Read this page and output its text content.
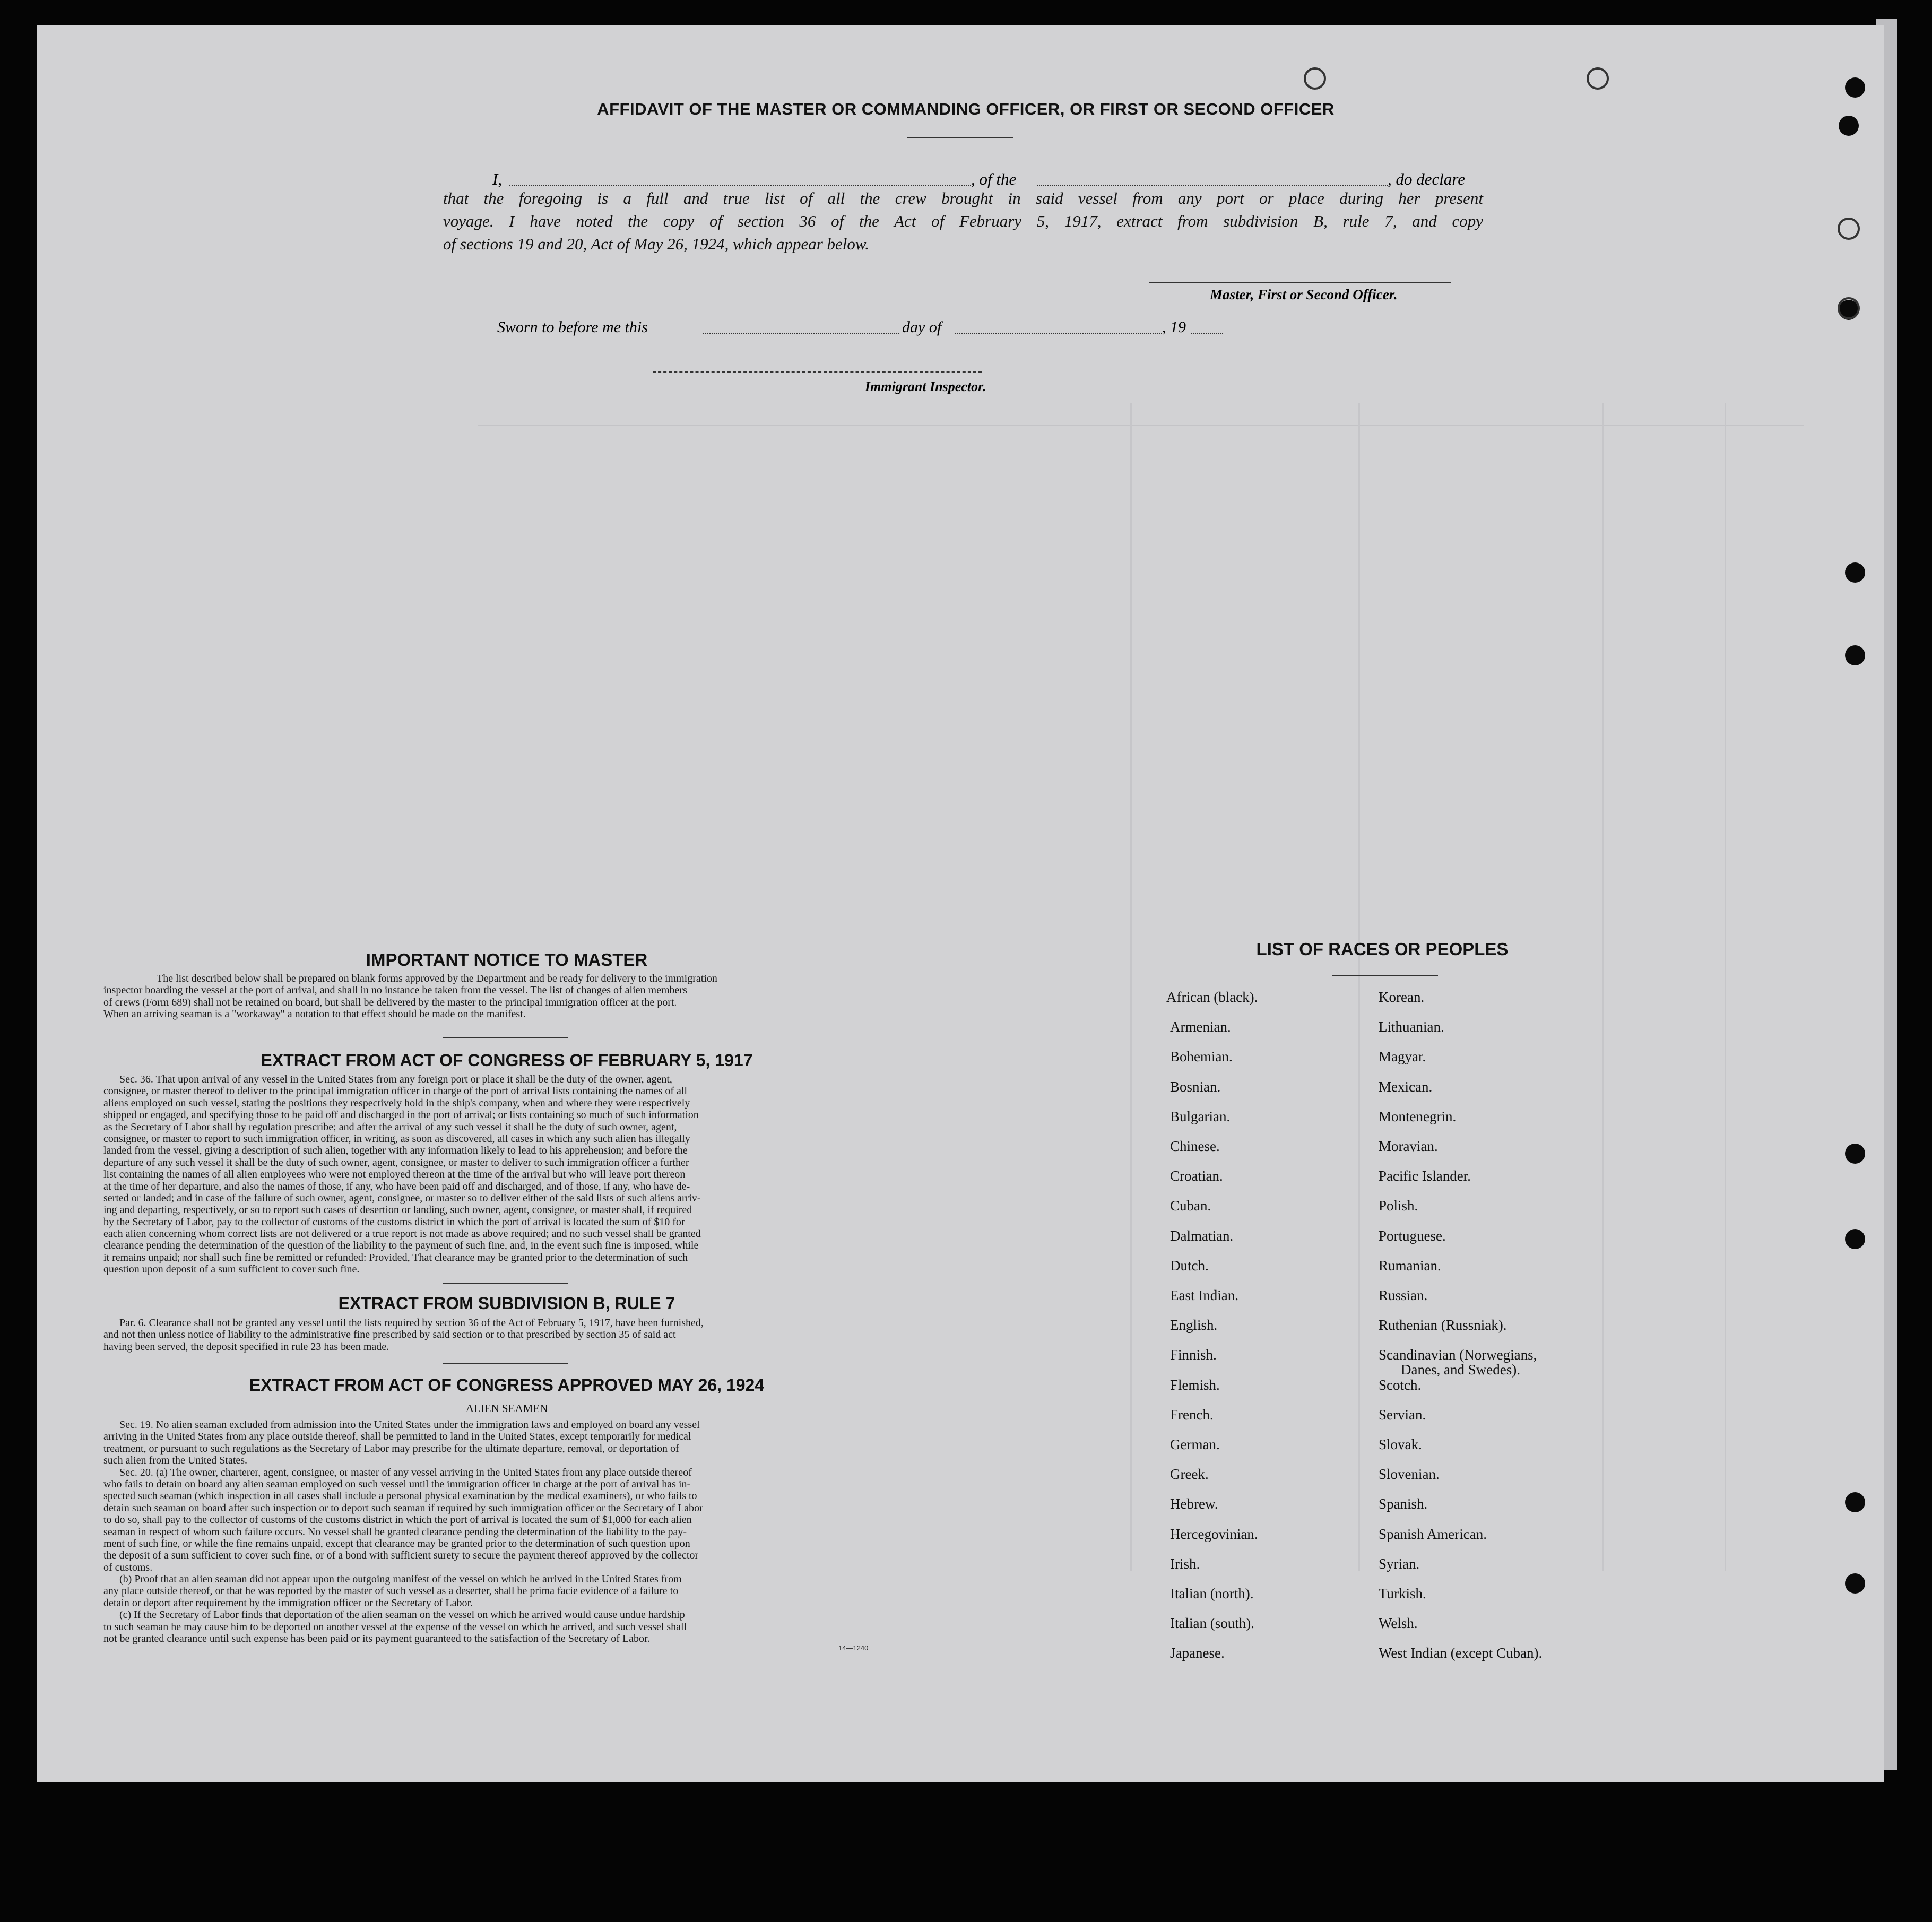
AFFIDAVIT OF THE MASTER OR COMMANDING OFFICER, OR FIRST OR SECOND OFFICER
I,	, of the	, do declare
that the foregoing is a full and true list of all the crew brought in said vessel from any port or place during her present
voyage. I have noted the copy of section 36 of the Act of February 5, 1917, extract from subdivision B, rule 7, and copy
of sections 19 and 20, Act of May 26, 1924, which appear below.
Master, First or Second Officer.
Sworn to before me this	day of	, 19
Immigrant Inspector.
IMPORTANT NOTICE TO MASTER
The list described below shall be prepared on blank forms approved by the Department and be ready for delivery to the immigration
inspector boarding the vessel at the port of arrival, and shall in no instance be taken from the vessel. The list of changes of alien members
of crews (Form 689) shall not be retained on board, but shall be delivered by the master to the principal immigration officer at the port.
When an arriving seaman is a "workaway" a notation to that effect should be made on the manifest.
EXTRACT FROM ACT OF CONGRESS OF FEBRUARY 5, 1917
Sec. 36. That upon arrival of any vessel in the United States from any foreign port or place it shall be the duty of the owner, agent,
consignee, or master thereof to deliver to the principal immigration officer in charge of the port of arrival lists containing the names of all
aliens employed on such vessel, stating the positions they respectively hold in the ship's company, when and where they were respectively
shipped or engaged, and specifying those to be paid off and discharged in the port of arrival; or lists containing so much of such information
as the Secretary of Labor shall by regulation prescribe; and after the arrival of any such vessel it shall be the duty of such owner, agent,
consignee, or master to report to such immigration officer, in writing, as soon as discovered, all cases in which any such alien has illegally
landed from the vessel, giving a description of such alien, together with any information likely to lead to his apprehension; and before the
departure of any such vessel it shall be the duty of such owner, agent, consignee, or master to deliver to such immigration officer a further
list containing the names of all alien employees who were not employed thereon at the time of the arrival but who will leave port thereon
at the time of her departure, and also the names of those, if any, who have been paid off and discharged, and of those, if any, who have de-
serted or landed; and in case of the failure of such owner, agent, consignee, or master so to deliver either of the said lists of such aliens arriv-
ing and departing, respectively, or so to report such cases of desertion or landing, such owner, agent, consignee, or master shall, if required
by the Secretary of Labor, pay to the collector of customs of the customs district in which the port of arrival is located the sum of $10 for
each alien concerning whom correct lists are not delivered or a true report is not made as above required; and no such vessel shall be granted
clearance pending the determination of the question of the liability to the payment of such fine, and, in the event such fine is imposed, while
it remains unpaid; nor shall such fine be remitted or refunded: Provided, That clearance may be granted prior to the determination of such
question upon deposit of a sum sufficient to cover such fine.
EXTRACT FROM SUBDIVISION B, RULE 7
Par. 6. Clearance shall not be granted any vessel until the lists required by section 36 of the Act of February 5, 1917, have been furnished,
and not then unless notice of liability to the administrative fine prescribed by said section or to that prescribed by section 35 of said act
having been served, the deposit specified in rule 23 has been made.
EXTRACT FROM ACT OF CONGRESS APPROVED MAY 26, 1924
ALIEN SEAMEN
Sec. 19. No alien seaman excluded from admission into the United States under the immigration laws and employed on board any vessel
arriving in the United States from any place outside thereof, shall be permitted to land in the United States, except temporarily for medical
treatment, or pursuant to such regulations as the Secretary of Labor may prescribe for the ultimate departure, removal, or deportation of
such alien from the United States.
Sec. 20. (a) The owner, charterer, agent, consignee, or master of any vessel arriving in the United States from any place outside thereof
who fails to detain on board any alien seaman employed on such vessel until the immigration officer in charge at the port of arrival has in-
spected such seaman (which inspection in all cases shall include a personal physical examination by the medical examiners), or who fails to
detain such seaman on board after such inspection or to deport such seaman if required by such immigration officer or the Secretary of Labor
to do so, shall pay to the collector of customs of the customs district in which the port of arrival is located the sum of $1,000 for each alien
seaman in respect of whom such failure occurs. No vessel shall be granted clearance pending the determination of the liability to the pay-
ment of such fine, or while the fine remains unpaid, except that clearance may be granted prior to the determination of such question upon
the deposit of a sum sufficient to cover such fine, or of a bond with sufficient surety to secure the payment thereof approved by the collector
of customs.
(b) Proof that an alien seaman did not appear upon the outgoing manifest of the vessel on which he arrived in the United States from
any place outside thereof, or that he was reported by the master of such vessel as a deserter, shall be prima facie evidence of a failure to
detain or deport after requirement by the immigration officer or the Secretary of Labor.
(c) If the Secretary of Labor finds that deportation of the alien seaman on the vessel on which he arrived would cause undue hardship
to such seaman he may cause him to be deported on another vessel at the expense of the vessel on which he arrived, and such vessel shall
not be granted clearance until such expense has been paid or its payment guaranteed to the satisfaction of the Secretary of Labor.
14—1240
LIST OF RACES OR PEOPLES
African (black).
Armenian.
Bohemian.
Bosnian.
Bulgarian.
Chinese.
Croatian.
Cuban.
Dalmatian.
Dutch.
East Indian.
English.
Finnish.
Flemish.
French.
German.
Greek.
Hebrew.
Hercegovinian.
Irish.
Italian (north).
Italian (south).
Japanese.
Korean.
Lithuanian.
Magyar.
Mexican.
Montenegrin.
Moravian.
Pacific Islander.
Polish.
Portuguese.
Rumanian.
Russian.
Ruthenian (Russniak).
Scandinavian (Norwegians,
Danes, and Swedes).
Scotch.
Servian.
Slovak.
Slovenian.
Spanish.
Spanish American.
Syrian.
Turkish.
Welsh.
West Indian (except Cuban).
